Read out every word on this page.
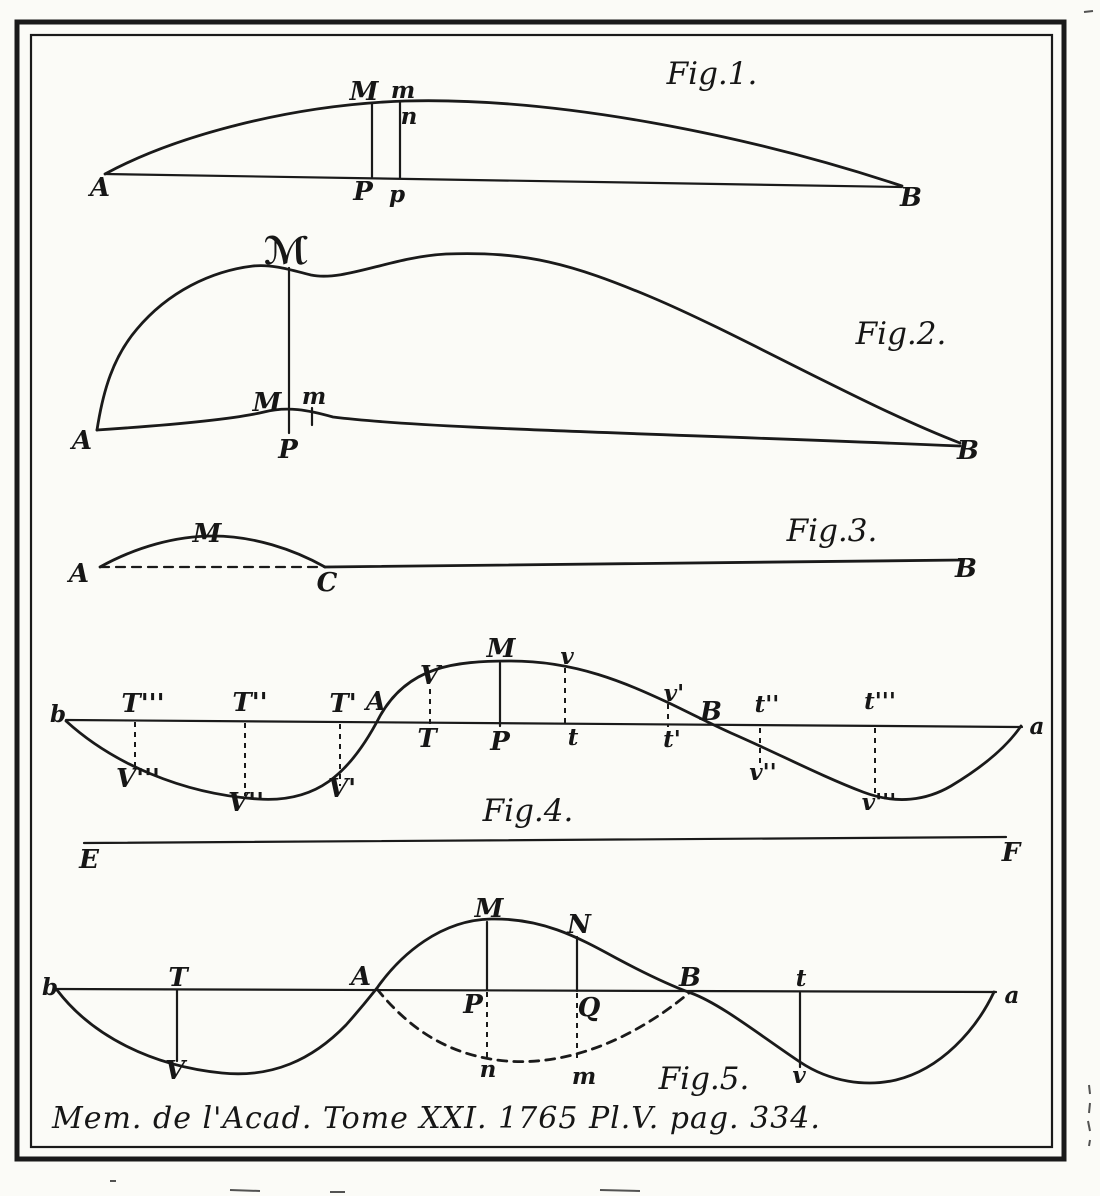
Fig.1.
A
M m
n
P p	B
Fig.2.
ℳ
M m
P
A	B
Fig.3.
A
M
C	B
Fig.4.
b T'''	T'' T' A
V
M v
v'
B t''	t'''
a
T P	t	t'
V'''
V'' V'
v''
v'''
E	F
Fig.5.
b	T	A
M
N
B	t
a
P	Q
V	n	m	v
Mem. de l'Acad. Tome XXI. 1765 Pl.V. pag. 334.
